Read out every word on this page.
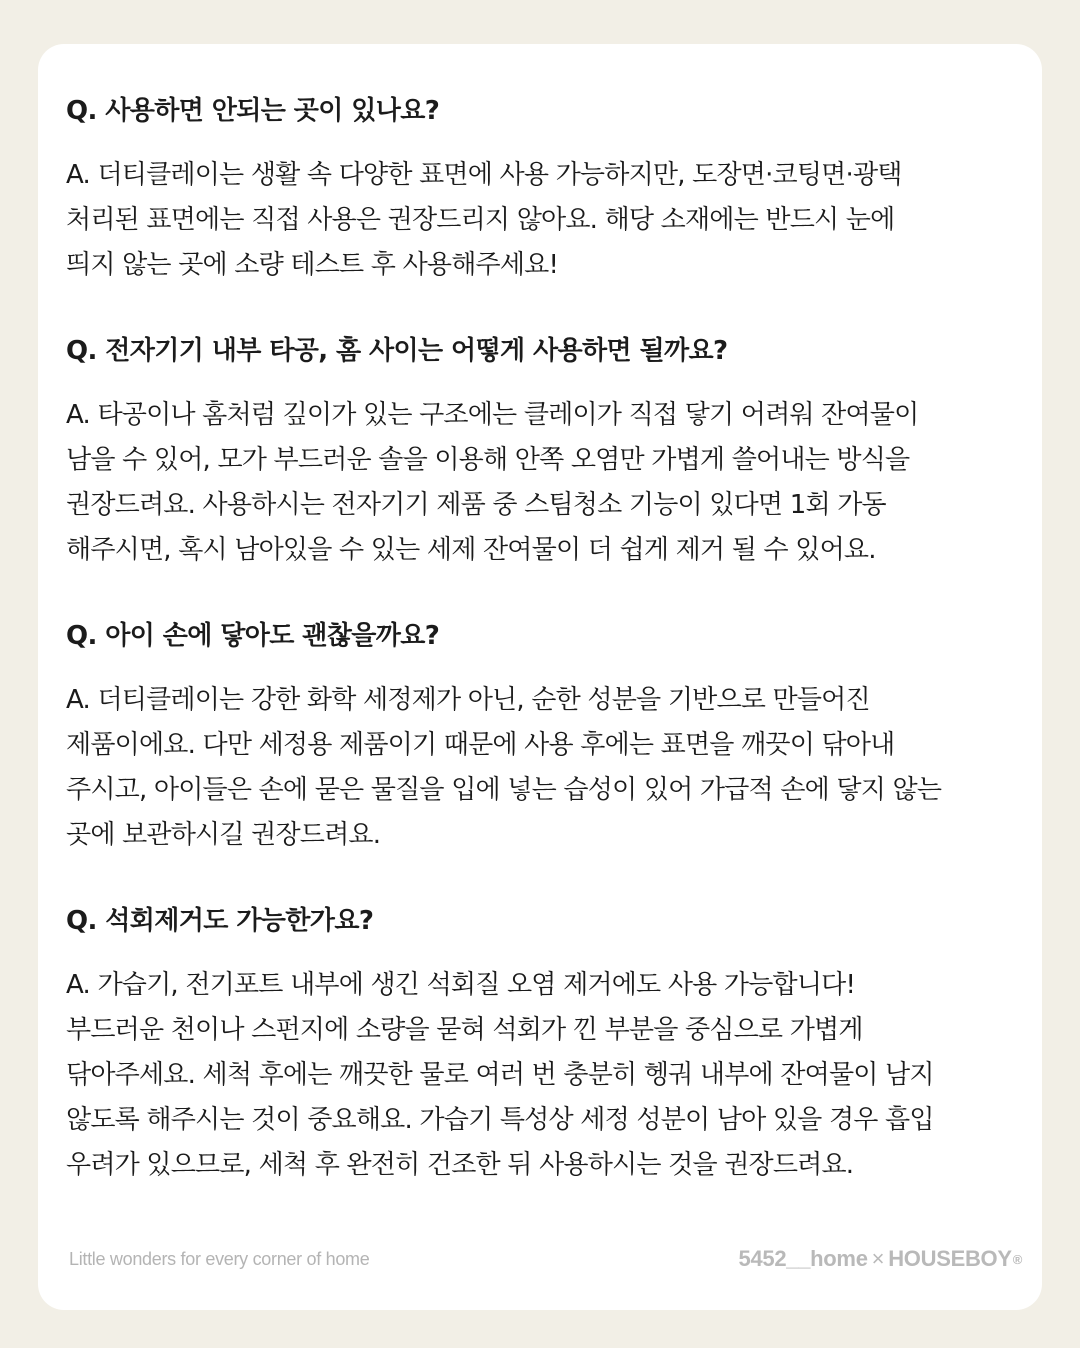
Q. 사용하면 안되는 곳이 있나요?

A. 더티클레이는 생활 속 다양한 표면에 사용 가능하지만, 도장면·코팅면·광택
처리된 표면에는 직접 사용은 권장드리지 않아요. 해당 소재에는 반드시 눈에
띄지 않는 곳에 소량 테스트 후 사용해주세요!

Q. 전자기기 내부 타공, 홈 사이는 어떻게 사용하면 될까요?

A. 타공이나 홈처럼 깊이가 있는 구조에는 클레이가 직접 닿기 어려워 잔여물이
남을 수 있어, 모가 부드러운 솔을 이용해 안쪽 오염만 가볍게 쓸어내는 방식을
권장드려요. 사용하시는 전자기기 제품 중 스팀청소 기능이 있다면 1회 가동
해주시면, 혹시 남아있을 수 있는 세제 잔여물이 더 쉽게 제거 될 수 있어요.

Q. 아이 손에 닿아도 괜찮을까요?

A. 더티클레이는 강한 화학 세정제가 아닌, 순한 성분을 기반으로 만들어진
제품이에요. 다만 세정용 제품이기 때문에 사용 후에는 표면을 깨끗이 닦아내
주시고, 아이들은 손에 묻은 물질을 입에 넣는 습성이 있어 가급적 손에 닿지 않는
곳에 보관하시길 권장드려요.

Q. 석회제거도 가능한가요?

A. 가습기, 전기포트 내부에 생긴 석회질 오염 제거에도 사용 가능합니다!
부드러운 천이나 스펀지에 소량을 묻혀 석회가 낀 부분을 중심으로 가볍게
닦아주세요. 세척 후에는 깨끗한 물로 여러 번 충분히 헹궈 내부에 잔여물이 남지
않도록 해주시는 것이 중요해요. 가습기 특성상 세정 성분이 남아 있을 경우 흡입
우려가 있으므로, 세척 후 완전히 건조한 뒤 사용하시는 것을 권장드려요.
Little wonders for every corner of home	5452__home × HOUSEBOY®
